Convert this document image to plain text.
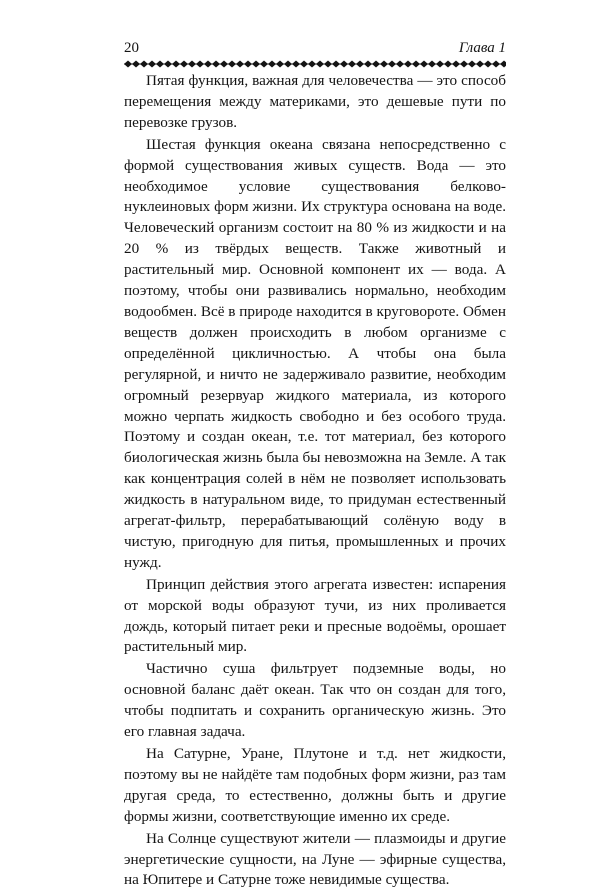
20	Глава 1

Пятая функция, важная для человечества — это способ перемещения между материками, это дешевые пути по перевозке грузов.

Шестая функция океана связана непосредственно с формой существования живых существ. Вода — это необходимое условие существования белково-нуклеиновых форм жизни. Их структура основана на воде. Человеческий организм состоит на 80 % из жидкости и на 20 % из твёрдых веществ. Также животный и растительный мир. Основной компонент их — вода. А поэтому, чтобы они развивались нормально, необходим водообмен. Всё в природе находится в круговороте. Обмен веществ должен происходить в любом организме с определённой цикличностью. А чтобы она была регулярной, и ничто не задерживало развитие, необходим огромный резервуар жидкого материала, из которого можно черпать жидкость свободно и без особого труда. Поэтому и создан океан, т.е. тот материал, без которого биологическая жизнь была бы невозможна на Земле. А так как концентрация солей в нём не позволяет использовать жидкость в натуральном виде, то придуман естественный агрегат-фильтр, перерабатывающий солёную воду в чистую, пригодную для питья, промышленных и прочих нужд.

Принцип действия этого агрегата известен: испарения от морской воды образуют тучи, из них проливается дождь, который питает реки и пресные водоёмы, орошает растительный мир.

Частично суша фильтрует подземные воды, но основной баланс даёт океан. Так что он создан для того, чтобы подпитать и сохранить органическую жизнь. Это его главная задача.

На Сатурне, Уране, Плутоне и т.д. нет жидкости, поэтому вы не найдёте там подобных форм жизни, раз там другая среда, то естественно, должны быть и другие формы жизни, соответствующие именно их среде.

На Солнце существуют жители — плазмоиды и другие энергетические сущности, на Луне — эфирные существа, на Юпитере и Сатурне тоже невидимые существа.
